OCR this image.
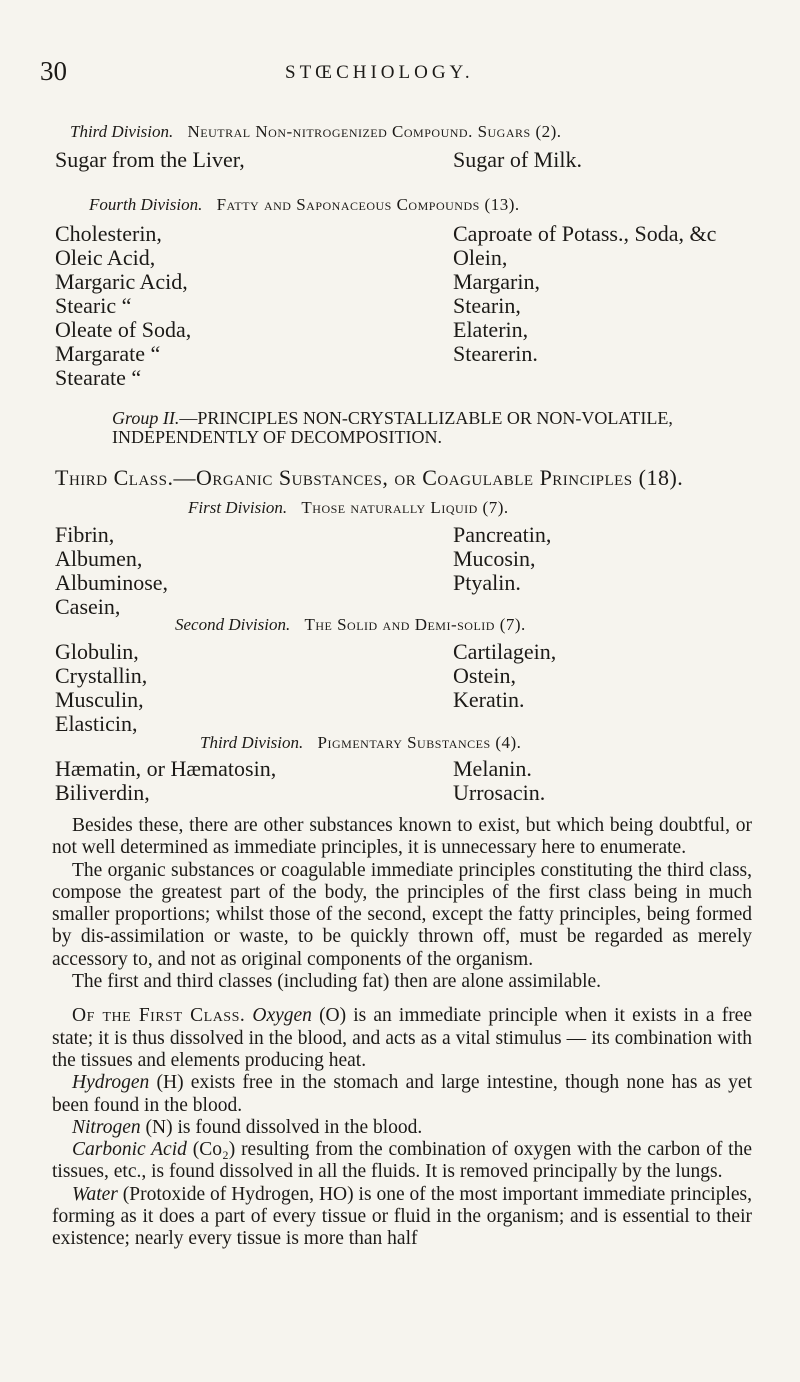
30	STŒCHIOLOGY.
Third Division. Neutral Non-nitrogenized Compound. Sugars (2).
Sugar from the Liver,	Sugar of Milk.
Fourth Division. Fatty and Saponaceous Compounds (13).
Cholesterin,
Oleic Acid,
Margaric Acid,
Stearic “
Oleate of Soda,
Margarate “
Stearate “
Caproate of Potass., Soda, &c
Olein,
Margarin,
Stearin,
Elaterin,
Stearerin.
Group II.—PRINCIPLES NON-CRYSTALLIZABLE OR NON-VOLATILE, INDEPENDENTLY OF DECOMPOSITION.
Third Class.—Organic Substances, or Coagulable Principles (18).
First Division. Those naturally Liquid (7).
Fibrin,
Albumen,
Albuminose,
Casein,
Pancreatin,
Mucosin,
Ptyalin.
Second Division. The Solid and Demi-solid (7).
Globulin,
Crystallin,
Musculin,
Elasticin,
Cartilagein,
Ostein,
Keratin.
Third Division. Pigmentary Substances (4).
Hæmatin, or Hæmatosin,
Biliverdin,
Melanin.
Urrosacin.

Besides these, there are other substances known to exist, but which being doubtful, or not well determined as immediate principles, it is unnecessary here to enumerate.

The organic substances or coagulable immediate principles constituting the third class, compose the greatest part of the body, the principles of the first class being in much smaller proportions; whilst those of the second, except the fatty principles, being formed by dis-assimilation or waste, to be quickly thrown off, must be regarded as merely accessory to, and not as original components of the organism.

The first and third classes (including fat) then are alone assimilable.

Of the First Class. Oxygen (O) is an immediate principle when it exists in a free state; it is thus dissolved in the blood, and acts as a vital stimulus — its combination with the tissues and elements producing heat.

Hydrogen (H) exists free in the stomach and large intestine, though none has as yet been found in the blood.

Nitrogen (N) is found dissolved in the blood.

Carbonic Acid (Co₂) resulting from the combination of oxygen with the carbon of the tissues, etc., is found dissolved in all the fluids. It is removed principally by the lungs.

Water (Protoxide of Hydrogen, HO) is one of the most important immediate principles, forming as it does a part of every tissue or fluid in the organism; and is essential to their existence; nearly every tissue is more than half
